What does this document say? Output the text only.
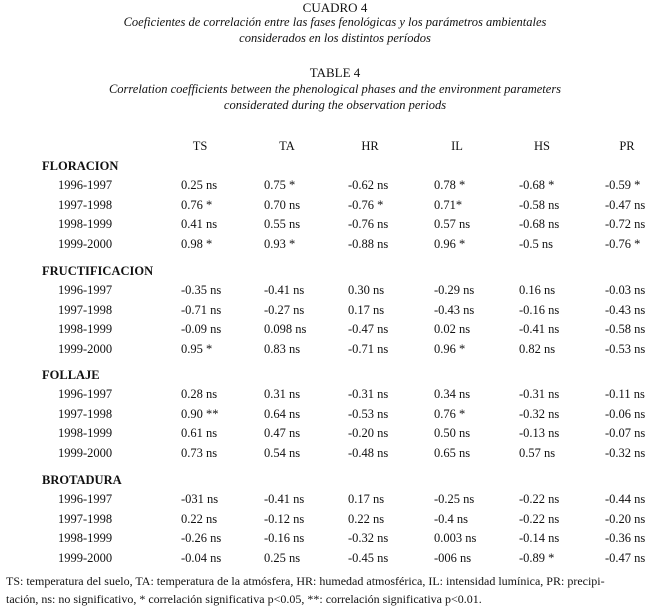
CUADRO 4
Coeficientes de correlación entre las fases fenológicas y los parámetros ambientales
considerados en los distintos períodos
TABLE 4
Correlation coefficients between the phenological phases and the environment parameters
considerated during the observation periods
TS	TA	HR	IL	HS	PR
FLORACION
1996-1997	0.25 ns	0.75 *	-0.62 ns	0.78 *	-0.68 *	-0.59 *
1997-1998	0.76 *	0.70 ns	-0.76 *	0.71*	-0.58 ns	-0.47 ns
1998-1999	0.41 ns	0.55 ns	-0.76 ns	0.57 ns	-0.68 ns	-0.72 ns
1999-2000	0.98 *	0.93 *	-0.88 ns	0.96 *	-0.5 ns	-0.76 *
FRUCTIFICACION
1996-1997	-0.35 ns	-0.41 ns	0.30 ns	-0.29 ns	0.16 ns	-0.03 ns
1997-1998	-0.71 ns	-0.27 ns	0.17 ns	-0.43 ns	-0.16 ns	-0.43 ns
1998-1999	-0.09 ns	0.098 ns	-0.47 ns	0.02 ns	-0.41 ns	-0.58 ns
1999-2000	0.95 *	0.83 ns	-0.71 ns	0.96 *	0.82 ns	-0.53 ns
FOLLAJE
1996-1997	0.28 ns	0.31 ns	-0.31 ns	0.34 ns	-0.31 ns	-0.11 ns
1997-1998	0.90 **	0.64 ns	-0.53 ns	0.76 *	-0.32 ns	-0.06 ns
1998-1999	0.61 ns	0.47 ns	-0.20 ns	0.50 ns	-0.13 ns	-0.07 ns
1999-2000	0.73 ns	0.54 ns	-0.48 ns	0.65 ns	0.57 ns	-0.32 ns
BROTADURA
1996-1997	-031 ns	-0.41 ns	0.17 ns	-0.25 ns	-0.22 ns	-0.44 ns
1997-1998	0.22 ns	-0.12 ns	0.22 ns	-0.4 ns	-0.22 ns	-0.20 ns
1998-1999	-0.26 ns	-0.16 ns	-0.32 ns	0.003 ns	-0.14 ns	-0.36 ns
1999-2000	-0.04 ns	0.25 ns	-0.45 ns	-006 ns	-0.89 *	-0.47 ns
TS: temperatura del suelo, TA: temperatura de la atmósfera, HR: humedad atmosférica, IL: intensidad lumínica, PR: precipi-
tación, ns: no significativo, * correlación significativa p<0.05, **: correlación significativa p<0.01.
